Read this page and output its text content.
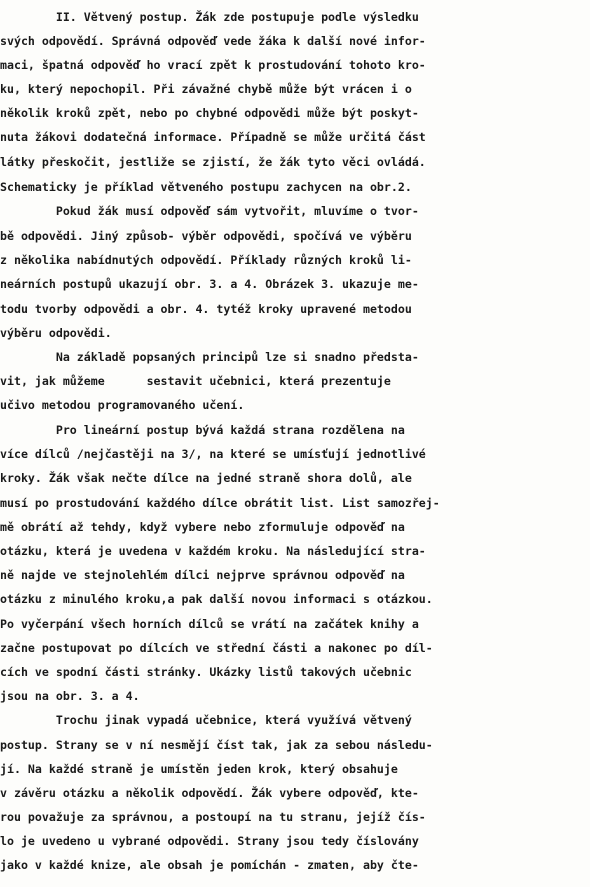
II. Větvený postup. Žák zde postupuje podle výsledku
svých odpovědí. Správná odpověď vede žáka k další nové infor-
maci, špatná odpověď ho vrací zpět k prostudování tohoto kro-
ku, který nepochopil. Při závažné chybě může být vrácen i o
několik kroků zpět, nebo po chybné odpovědi může být poskyt-
nuta žákovi dodatečná informace. Případně se může určitá část
látky přeskočit, jestliže se zjistí, že žák tyto věci ovládá.
Schematicky je příklad větveného postupu zachycen na obr.2.
Pokud žák musí odpověď sám vytvořit, mluvíme o tvor-
bě odpovědi. Jiný způsob- výběr odpovědi, spočívá ve výběru
z několika nabídnutých odpovědí. Příklady různých kroků li-
neárních postupů ukazují obr. 3. a 4. Obrázek 3. ukazuje me-
todu tvorby odpovědi a obr. 4. tytéž kroky upravené metodou
výběru odpovědi.
Na základě popsaných principů lze si snadno předsta-
vit, jak můžeme      sestavit učebnici, která prezentuje
učivo metodou programovaného učení.
Pro lineární postup bývá každá strana rozdělena na
více dílců /nejčastěji na 3/, na které se umísťují jednotlivé
kroky. Žák však nečte dílce na jedné straně shora dolů, ale
musí po prostudování každého dílce obrátit list. List samozřej-
mě obrátí až tehdy, když vybere nebo zformuluje odpověď na
otázku, která je uvedena v každém kroku. Na následující stra-
ně najde ve stejnolehlém dílci nejprve správnou odpověď na
otázku z minulého kroku,a pak další novou informaci s otázkou.
Po vyčerpání všech horních dílců se vrátí na začátek knihy a
začne postupovat po dílcích ve střední části a nakonec po díl-
cích ve spodní části stránky. Ukázky listů takových učebnic
jsou na obr. 3. a 4.
Trochu jinak vypadá učebnice, která využívá větvený
postup. Strany se v ní nesmějí číst tak, jak za sebou následu-
jí. Na každé straně je umístěn jeden krok, který obsahuje
v závěru otázku a několik odpovědí. Žák vybere odpověď, kte-
rou považuje za správnou, a postoupí na tu stranu, jejíž čís-
lo je uvedeno u vybrané odpovědi. Strany jsou tedy číslovány
jako v každé knize, ale obsah je pomíchán - zmaten, aby čte-
